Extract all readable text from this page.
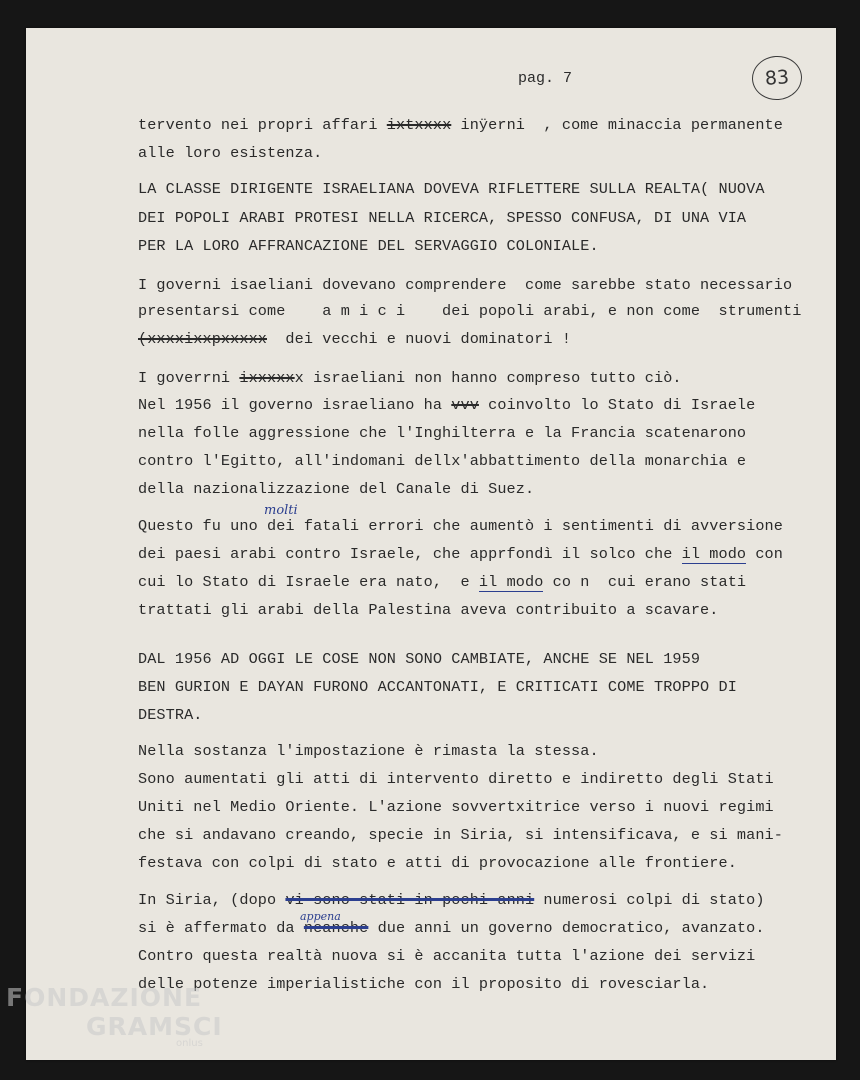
pag. 7	83
tervento nei propri affari ixtxxxx inÿerni  , come minaccia permanente
alle loro esistenza.
LA CLASSE DIRIGENTE ISRAELIANA DOVEVA RIFLETTERE SULLA REALTA( NUOVA
DEI POPOLI ARABI PROTESI NELLA RICERCA, SPESSO CONFUSA, DI UNA VIA
PER LA LORO AFFRANCAZIONE DEL SERVAGGIO COLONIALE.
I governi isaeliani dovevano comprendere  come sarebbe stato necessario
presentarsi come    a m i c i    dei popoli arabi, e non come  strumenti
(xxxxixxpxxxxx  dei vecchi e nuovi dominatori !
I goverrni ixxxxxx israeliani non hanno compreso tutto ciò.
Nel 1956 il governo israeliano ha vvv coinvolto lo Stato di Israele
nella folle aggressione che l'Inghilterra e la Francia scatenarono
contro l'Egitto, all'indomani dellx'abbattimento della monarchia e
della nazionalizzazione del Canale di Suez.
Questo fu uno dei fatali errori che aumentò i sentimenti di avversione
dei paesi arabi contro Israele, che apprfondì il solco che il modo con
cui lo Stato di Israele era nato,  e il modo co n  cui erano stati
trattati gli arabi della Palestina aveva contribuito a scavare.
DAL 1956 AD OGGI LE COSE NON SONO CAMBIATE, ANCHE SE NEL 1959
BEN GURION E DAYAN FURONO ACCANTONATI, E CRITICATI COME TROPPO DI
DESTRA.
Nella sostanza l'impostazione è rimasta la stessa.
Sono aumentati gli atti di intervento diretto e indiretto degli Stati
Uniti nel Medio Oriente. L'azione sovvertxitrice verso i nuovi regimi
che si andavano creando, specie in Siria, si intensificava, e si mani-
festava con colpi di stato e atti di provocazione alle frontiere.
In Siria, (dopo vi sono stati in pochi anni numerosi colpi di stato)
si è affermato da neanche due anni un governo democratico, avanzato.
Contro questa realtà nuova si è accanita tutta l'azione dei servizi
delle potenze imperialistiche con il proposito di rovesciarla.
molti
appena
FONDAZIONE
GRAMSCI
onlus
